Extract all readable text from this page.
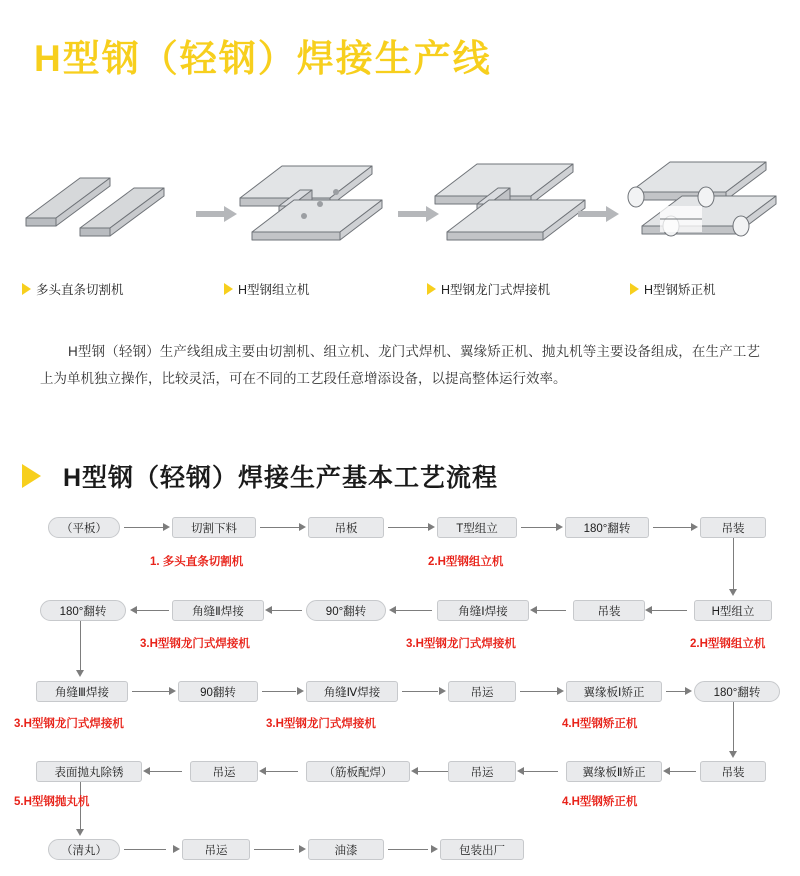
H型钢（轻钢）焊接生产线
多头直条切割机	H型钢组立机	H型钢龙门式焊接机	H型钢矫正机
H型钢（轻钢）生产线组成主要由切割机、组立机、龙门式焊机、翼缘矫正机、抛丸机等主要设备组成，在生产工艺上为单机独立操作，比较灵活，可在不同的工艺段任意增添设备，以提高整体运行效率。
H型钢（轻钢）焊接生产基本工艺流程
（平板）	切割下料	吊板	T型组立	180°翻转	吊装
1. 多头直条切割机	2.H型钢组立机
180°翻转	角缝Ⅱ焊接	90°翻转	角缝Ⅰ焊接	吊装	H型组立
3.H型钢龙门式焊接机	3.H型钢龙门式焊接机	2.H型钢组立机
角缝Ⅲ焊接	90翻转	角缝Ⅳ焊接	吊运	翼缘板Ⅰ矫正	180°翻转
3.H型钢龙门式焊接机	3.H型钢龙门式焊接机	4.H型钢矫正机
表面抛丸除锈	吊运	（筋板配焊）	吊运	翼缘板Ⅱ矫正	吊装
5.H型钢抛丸机	4.H型钢矫正机
（清丸）	吊运	油漆	包装出厂
